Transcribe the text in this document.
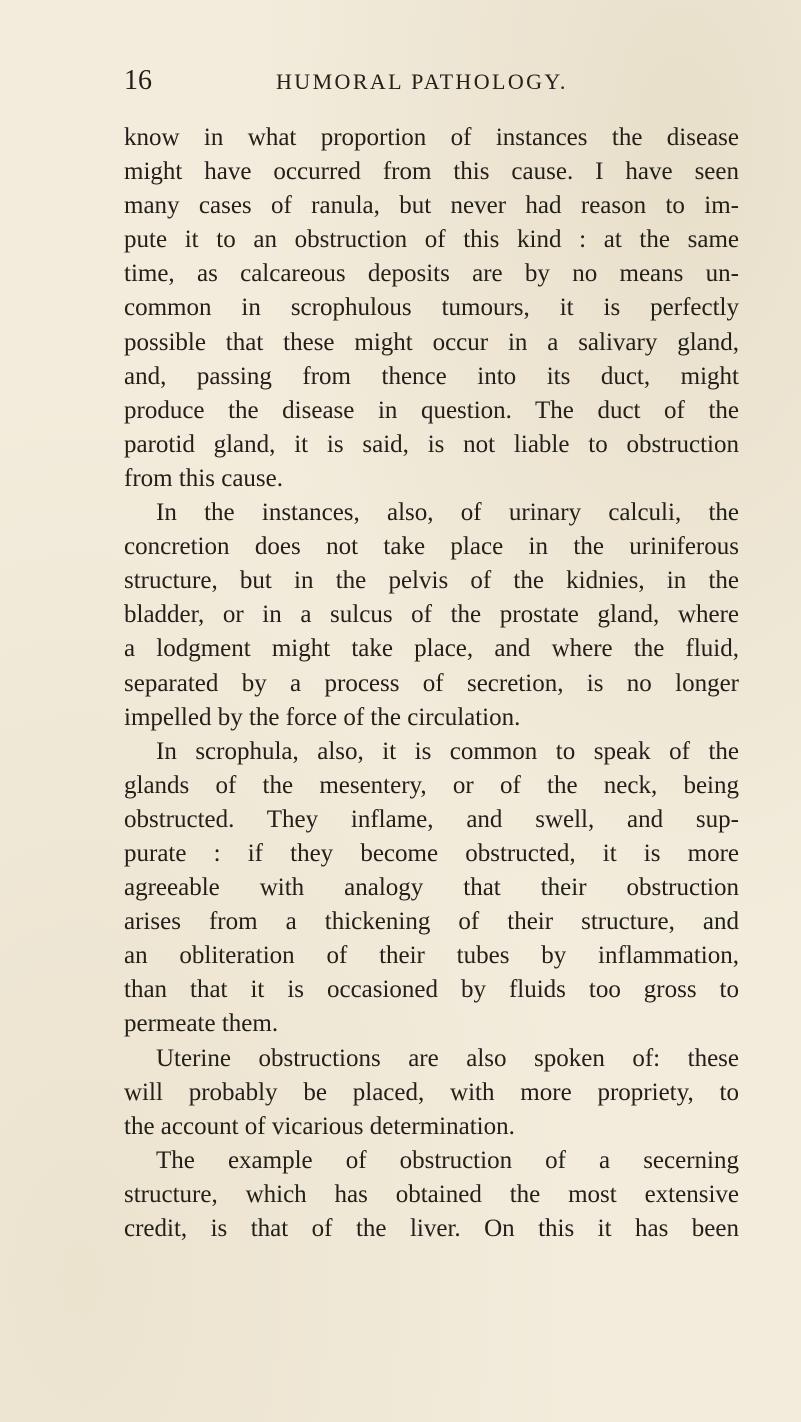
16	HUMORAL PATHOLOGY.
know in what proportion of instances the disease
might have occurred from this cause. I have seen
many cases of ranula, but never had reason to im-
pute it to an obstruction of this kind : at the same
time, as calcareous deposits are by no means un-
common in scrophulous tumours, it is perfectly
possible that these might occur in a salivary gland,
and, passing from thence into its duct, might
produce the disease in question. The duct of the
parotid gland, it is said, is not liable to obstruction
from this cause.
In the instances, also, of urinary calculi, the
concretion does not take place in the uriniferous
structure, but in the pelvis of the kidnies, in the
bladder, or in a sulcus of the prostate gland, where
a lodgment might take place, and where the fluid,
separated by a process of secretion, is no longer
impelled by the force of the circulation.
In scrophula, also, it is common to speak of the
glands of the mesentery, or of the neck, being
obstructed. They inflame, and swell, and sup-
purate : if they become obstructed, it is more
agreeable with analogy that their obstruction
arises from a thickening of their structure, and
an obliteration of their tubes by inflammation,
than that it is occasioned by fluids too gross to
permeate them.
Uterine obstructions are also spoken of: these
will probably be placed, with more propriety, to
the account of vicarious determination.
The example of obstruction of a secerning
structure, which has obtained the most extensive
credit, is that of the liver. On this it has been
